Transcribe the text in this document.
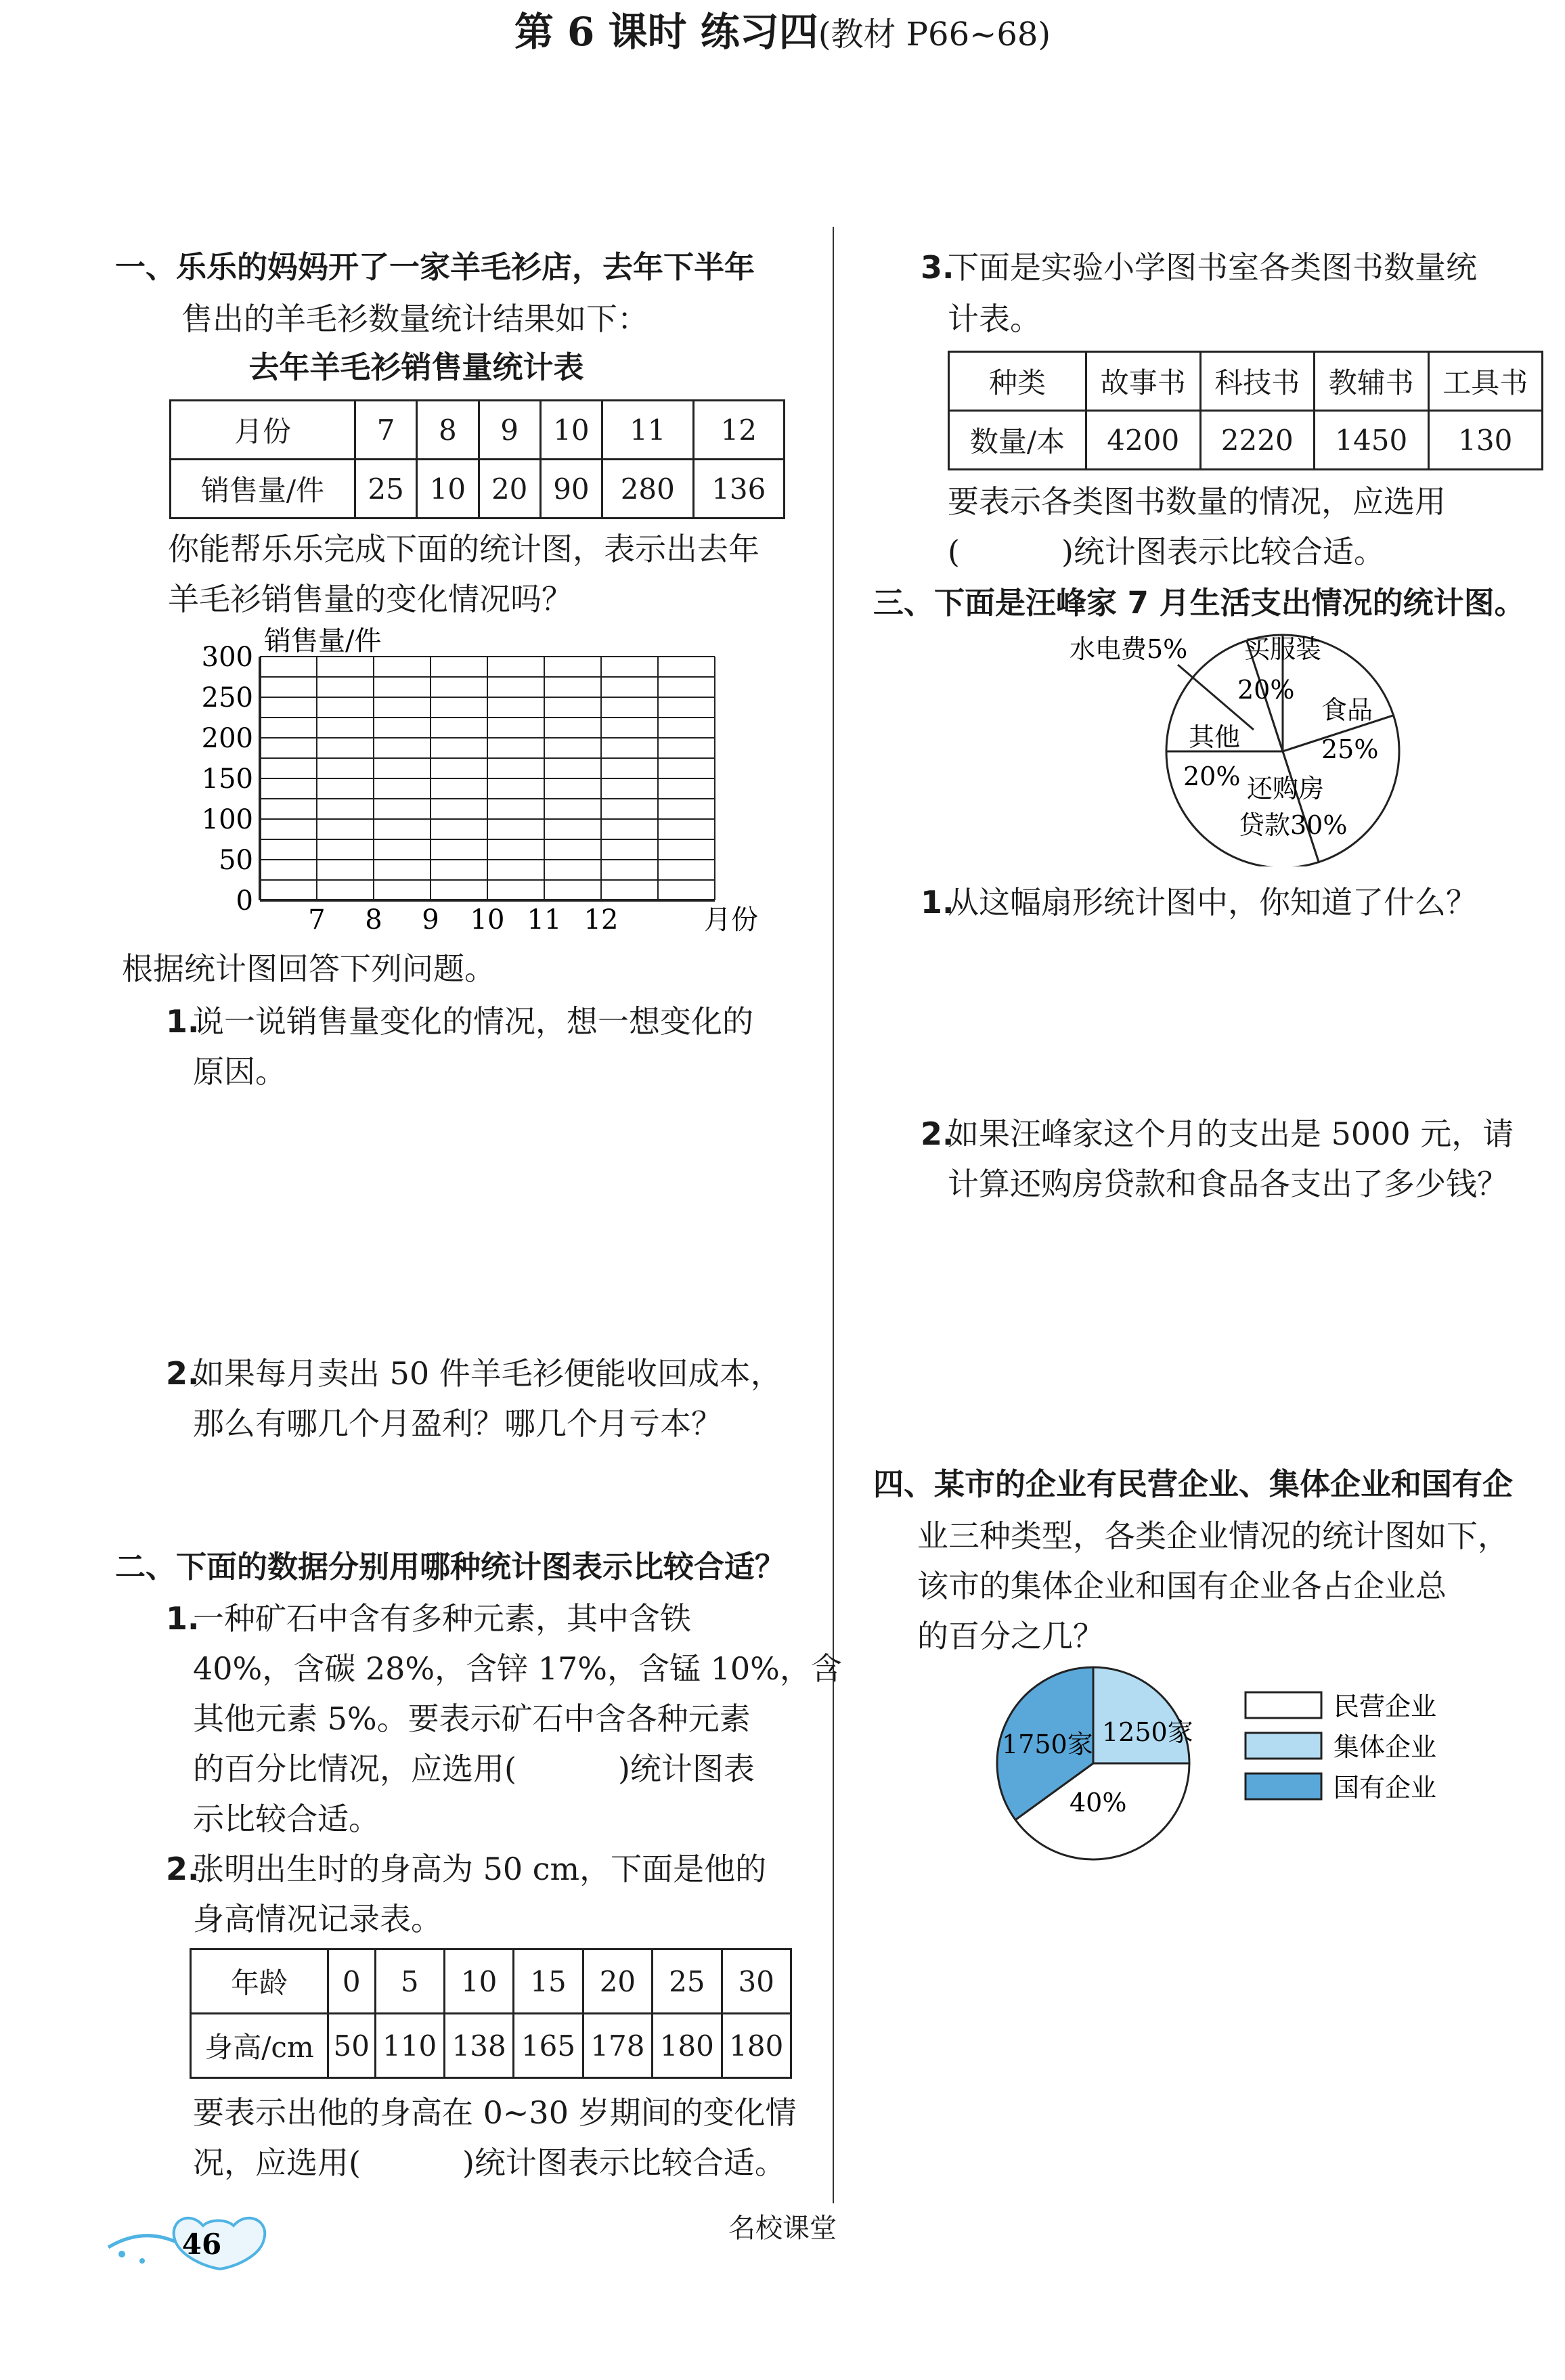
第 6 课时 练习四(教材 P66~68)
一、乐乐的妈妈开了一家羊毛衫店，去年下半年
售出的羊毛衫数量统计结果如下：
去年羊毛衫销售量统计表
月份	7	8	9	10	11	12
销售量/件	25	10	20	90	280	136
你能帮乐乐完成下面的统计图，表示出去年
羊毛衫销售量的变化情况吗？
0
50
100
150
200
250
300
7 8 9 10 11 12
销售量/件
月份
根据统计图回答下列问题。
1.
说一说销售量变化的情况，想一想变化的
原因。
2.
如果每月卖出 50 件羊毛衫便能收回成本，
那么有哪几个月盈利？哪几个月亏本？
二、下面的数据分别用哪种统计图表示比较合适？
1.
一种矿石中含有多种元素，其中含铁
40%，含碳 28%，含锌 17%，含锰 10%，含
其他元素 5%。要表示矿石中含各种元素
的百分比情况，应选用(	)统计图表
示比较合适。
2.
张明出生时的身高为 50 cm，下面是他的
身高情况记录表。
年龄	0	5	10	15	20	25	30
身高/cm	50	110	138	165	178	180	180
要表示出他的身高在 0~30 岁期间的变化情
况，应选用(	)统计图表示比较合适。
3.
下面是实验小学图书室各类图书数量统
计表。
种类	故事书	科技书	教辅书	工具书
数量/本	4200	2220	1450	130
要表示各类图书数量的情况，应选用
(	)统计图表示比较合适。
三、下面是汪峰家 7 月生活支出情况的统计图。
水电费5% 买服装
20%
食品
25%
其他
20% 还购房
贷款30%
1.
从这幅扇形统计图中，你知道了什么？
2.
如果汪峰家这个月的支出是 5000 元，请
计算还购房贷款和食品各支出了多少钱？
四、某市的企业有民营企业、集体企业和国有企
业三种类型，各类企业情况的统计图如下，
该市的集体企业和国有企业各占企业总
的百分之几？
1750家 1250家
40%
民营企业
集体企业
国有企业
46	名校课堂
